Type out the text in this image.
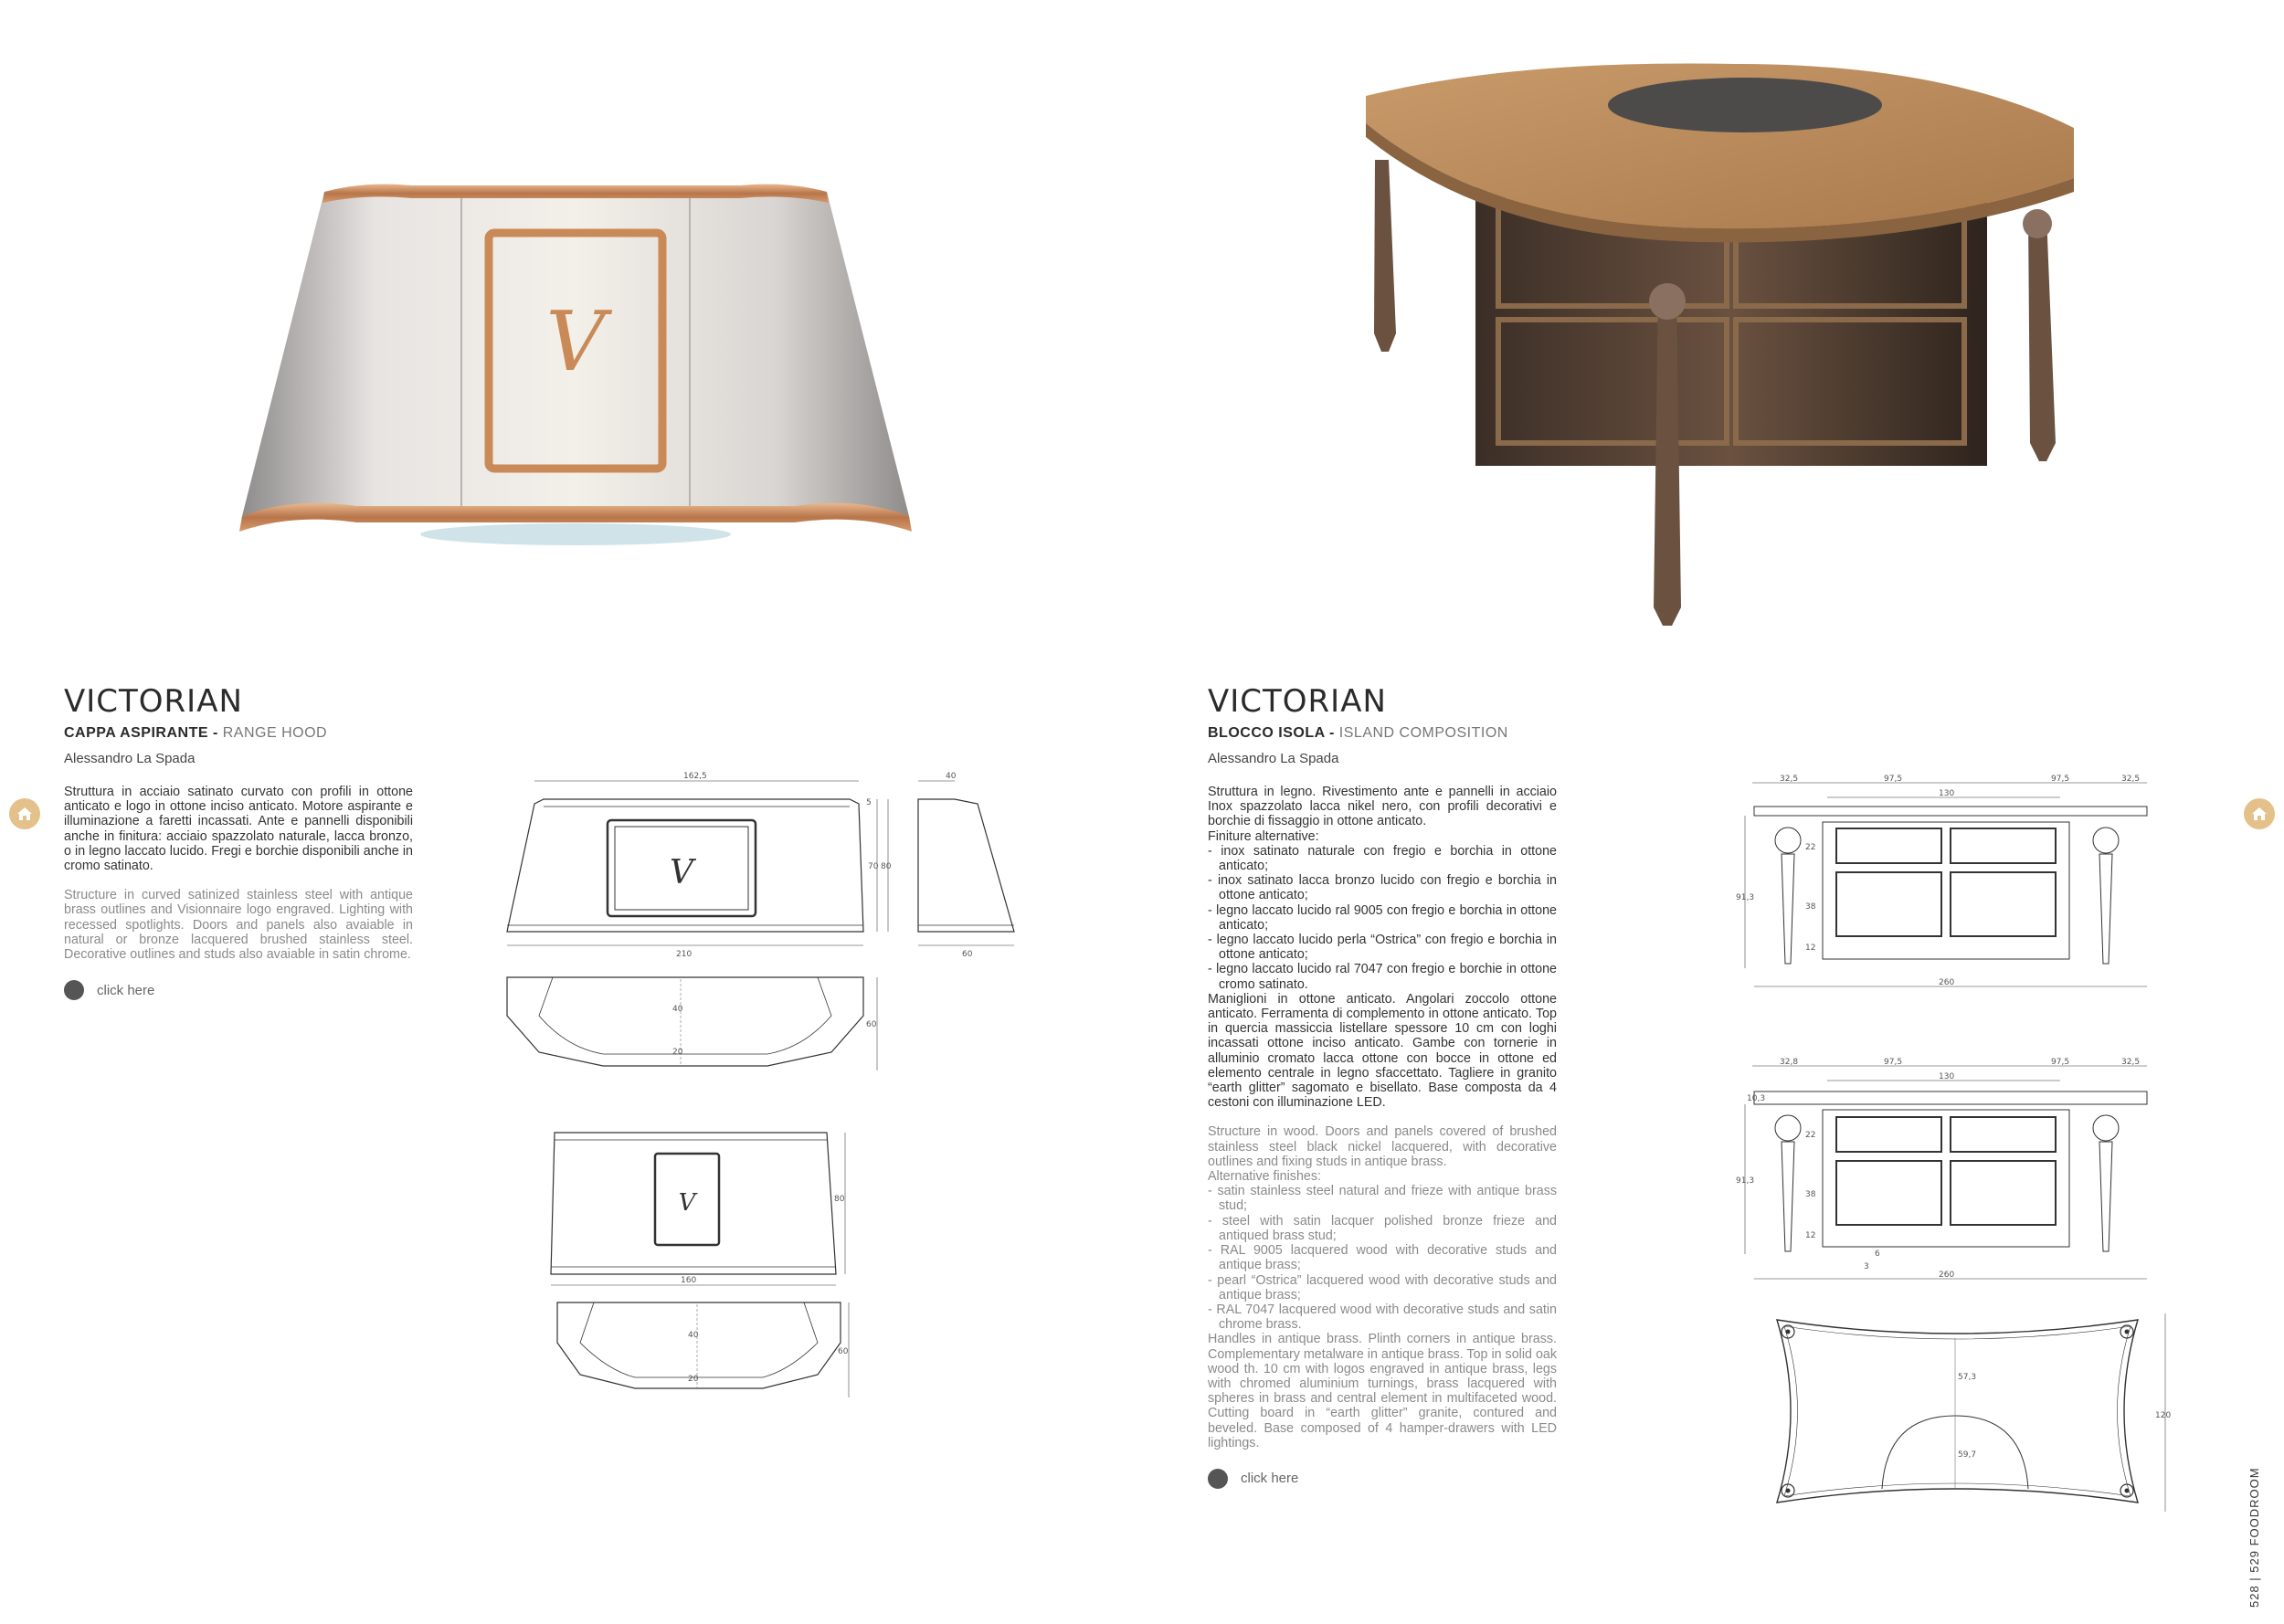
V
VICTORIAN
CAPPA ASPIRANTE - RANGE HOOD
Alessandro La Spada

Struttura in acciaio satinato curvato con profili in ottone anticato e logo in ottone inciso anticato. Motore aspirante e illuminazione a faretti incassati. Ante e pannelli disponibili anche in finitura: acciaio spazzolato naturale, lacca bronzo, o in legno laccato lucido. Fregi e borchie disponibili anche in cromo satinato.

Structure in curved satinized stainless steel with antique brass outlines and Visionnaire logo engraved. Lighting with recessed spotlights. Doors and panels also avaiable in natural or bronze lacquered brushed stainless steel. Decorative outlines and studs also avaiable in satin chrome.

click here
VICTORIAN
BLOCCO ISOLA - ISLAND COMPOSITION
Alessandro La Spada

Struttura in legno. Rivestimento ante e pannelli in acciaio Inox spazzolato lacca nikel nero, con profili decorativi e borchie di fissaggio in ottone anticato.

Finiture alternative:

- inox satinato naturale con fregio e borchia in ottone anticato;
- inox satinato lacca bronzo lucido con fregio e borchia in ottone anticato;
- legno laccato lucido ral 9005 con fregio e borchia in ottone anticato;
- legno laccato lucido perla “Ostrica” con fregio e borchia in ottone anticato;
- legno laccato lucido ral 7047 con fregio e borchie in ottone cromo satinato.

Maniglioni in ottone anticato. Angolari zoccolo ottone anticato. Ferramenta di complemento in ottone anticato. Top in quercia massiccia listellare spessore 10 cm con loghi incassati ottone inciso anticato. Gambe con tornerie in alluminio cromato lacca ottone con bocce in ottone ed elemento centrale in legno sfaccettato. Tagliere in granito “earth glitter” sagomato e bisellato. Base composta da 4 cestoni con illuminazione LED.

Structure in wood. Doors and panels covered of brushed stainless steel black nickel lacquered, with decorative outlines and fixing studs in antique brass.

Alternative finishes:

- satin stainless steel natural and frieze with antique brass stud;
- steel with satin lacquer polished bronze frieze and antiqued brass stud;
- RAL 9005 lacquered wood with decorative studs and antique brass;
- pearl “Ostrica” lacquered wood with decorative studs and antique brass;
- RAL 7047 lacquered wood with decorative studs and satin chrome brass.

Handles in antique brass. Plinth corners in antique brass. Complementary metalware in antique brass. Top in solid oak wood th. 10 cm with logos engraved in antique brass, legs with chromed aluminium turnings, brass lacquered with spheres in brass and central element in multifaceted wood. Cutting board in “earth glitter” granite, contured and beveled. Base composed of 4 hamper-drawers with LED lightings.

click here
162,5
V
210
5
70 80
40
60
40
20
60
V
160
80
40
20
60
32,5	97,5	97,5	32,5
130
91,3
22
38
12
260
32,8	97,5	97,5	32,5
130
10,3
91,3
22
38
12
6
3
260
57,3
59,7
120
528 | 529 FOODROOM
